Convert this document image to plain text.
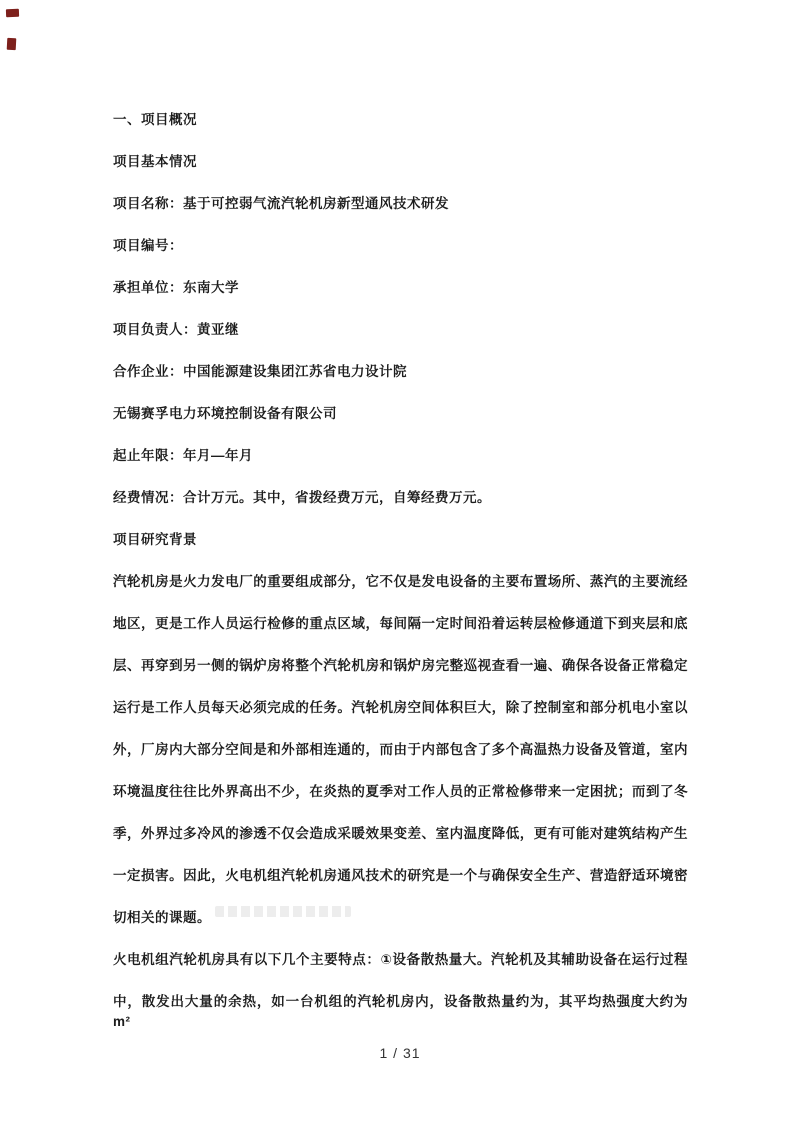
一、项目概况
项目基本情况
项目名称：基于可控弱气流汽轮机房新型通风技术研发
项目编号：
承担单位：东南大学
项目负责人：黄亚继
合作企业：中国能源建设集团江苏省电力设计院
无锡赛孚电力环境控制设备有限公司
起止年限：年月—年月
经费情况：合计万元。其中，省拨经费万元，自筹经费万元。
项目研究背景
汽轮机房是火力发电厂的重要组成部分，它不仅是发电设备的主要布置场所、蒸汽的主要流经
地区，更是工作人员运行检修的重点区域，每间隔一定时间沿着运转层检修通道下到夹层和底
层、再穿到另一侧的锅炉房将整个汽轮机房和锅炉房完整巡视查看一遍、确保各设备正常稳定
运行是工作人员每天必须完成的任务。汽轮机房空间体积巨大，除了控制室和部分机电小室以
外，厂房内大部分空间是和外部相连通的，而由于内部包含了多个高温热力设备及管道，室内
环境温度往往比外界高出不少，在炎热的夏季对工作人员的正常检修带来一定困扰；而到了冬
季，外界过多冷风的渗透不仅会造成采暖效果变差、室内温度降低，更有可能对建筑结构产生
一定损害。因此，火电机组汽轮机房通风技术的研究是一个与确保安全生产、营造舒适环境密
切相关的课题。
火电机组汽轮机房具有以下几个主要特点：①设备散热量大。汽轮机及其辅助设备在运行过程
中，散发出大量的余热，如一台机组的汽轮机房内，设备散热量约为，其平均热强度大约为m²
1 / 31
